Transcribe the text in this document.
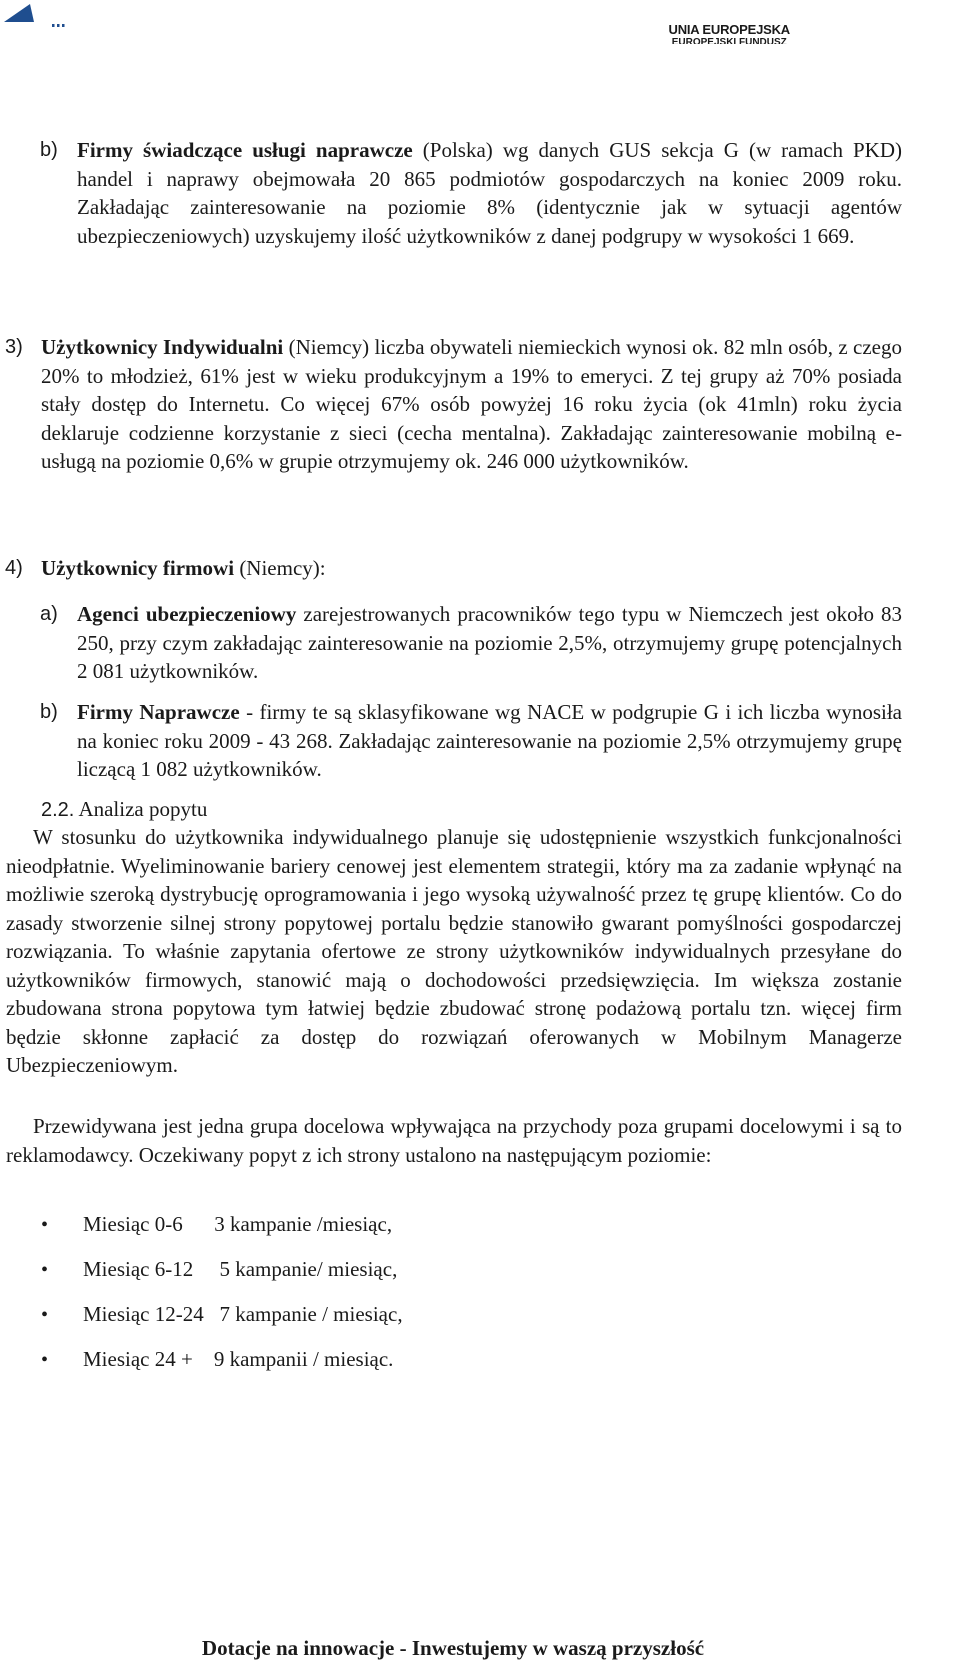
UNIA EUROPEJSKA
EUROPEJSKI FUNDUSZ
b) Firmy świadczące usługi naprawcze (Polska) wg danych GUS sekcja G (w ramach PKD) handel i naprawy obejmowała 20 865 podmiotów gospodarczych na koniec 2009 roku. Zakładając zainteresowanie na poziomie 8% (identycznie jak w sytuacji agentów ubezpieczeniowych) uzyskujemy ilość użytkowników z danej podgrupy w wysokości 1 669.

3) Użytkownicy Indywidualni (Niemcy) liczba obywateli niemieckich wynosi ok. 82 mln osób, z czego 20% to młodzież, 61% jest w wieku produkcyjnym a 19% to emeryci. Z tej grupy aż 70% posiada stały dostęp do Internetu. Co więcej 67% osób powyżej 16 roku życia (ok 41mln) roku życia deklaruje codzienne korzystanie z sieci (cecha mentalna). Zakładając zainteresowanie mobilną e-usługą na poziomie 0,6% w grupie otrzymujemy ok. 246 000 użytkowników.

4) Użytkownicy firmowi (Niemcy):

a) Agenci ubezpieczeniowy zarejestrowanych pracowników tego typu w Niemczech jest około 83 250, przy czym zakładając zainteresowanie na poziomie 2,5%, otrzymujemy grupę potencjalnych 2 081 użytkowników.

b) Firmy Naprawcze - firmy te są sklasyfikowane wg NACE w podgrupie G i ich liczba wynosiła na koniec roku 2009 - 43 268. Zakładając zainteresowanie na poziomie 2,5% otrzymujemy grupę liczącą 1 082 użytkowników.

2.2. Analiza popytu

W stosunku do użytkownika indywidualnego planuje się udostępnienie wszystkich funkcjonalności nieodpłatnie. Wyeliminowanie bariery cenowej jest elementem strategii, który ma za zadanie wpłynąć na możliwie szeroką dystrybucję oprogramowania i jego wysoką używalność przez tę grupę klientów. Co do zasady stworzenie silnej strony popytowej portalu będzie stanowiło gwarant pomyślności gospodarczej rozwiązania. To właśnie zapytania ofertowe ze strony użytkowników indywidualnych przesyłane do użytkowników firmowych, stanowić mają o dochodowości przedsięwzięcia. Im większa zostanie zbudowana strona popytowa tym łatwiej będzie zbudować stronę podażową portalu tzn. więcej firm będzie skłonne zapłacić za dostęp do rozwiązań oferowanych w Mobilnym Managerze Ubezpieczeniowym.

Przewidywana jest jedna grupa docelowa wpływająca na przychody poza grupami docelowymi i są to reklamodawcy. Oczekiwany popyt z ich strony ustalono na następującym poziomie:

• Miesiąc 0-6      3 kampanie /miesiąc,
• Miesiąc 6-12     5 kampanie/ miesiąc,
• Miesiąc 12-24   7 kampanie / miesiąc,
• Miesiąc 24 +    9 kampanii / miesiąc.
Dotacje na innowacje - Inwestujemy w waszą przyszłość
